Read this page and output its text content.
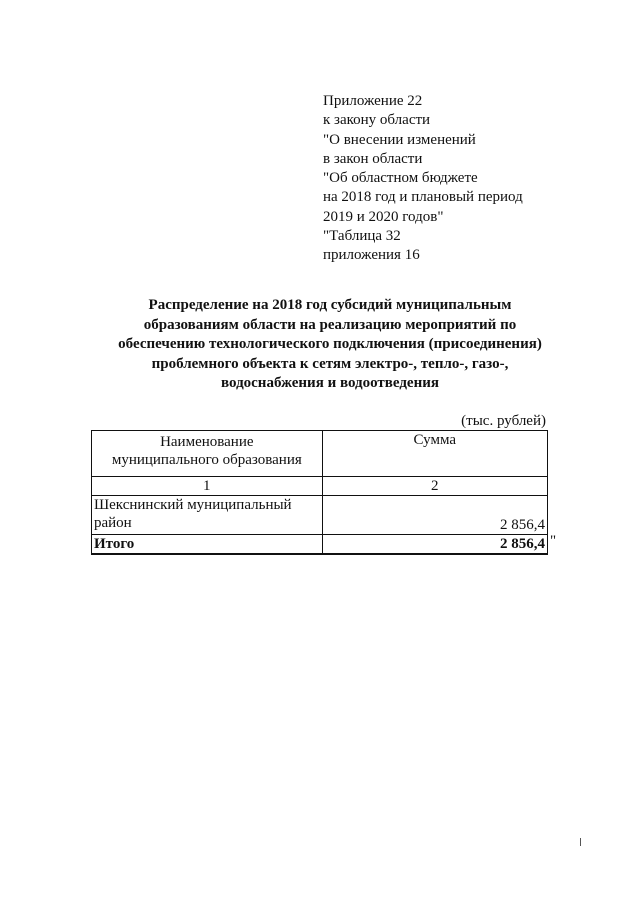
Приложение 22
к закону области
"О внесении изменений
в закон области
"Об областном бюджете
на 2018 год и плановый период
2019 и 2020 годов"
"Таблица 32
приложения 16
Распределение на 2018 год субсидий муниципальным
образованиям области на реализацию мероприятий по
обеспечению технологического подключения (присоединения)
проблемного объекта к сетям электро-, тепло-, газо-,
водоснабжения и водоотведения
(тыс. рублей)
Наименование
муниципального образования	Сумма
1	2

Шекснинский муниципальный
район	2 856,4
Итого	2 856,4 "
